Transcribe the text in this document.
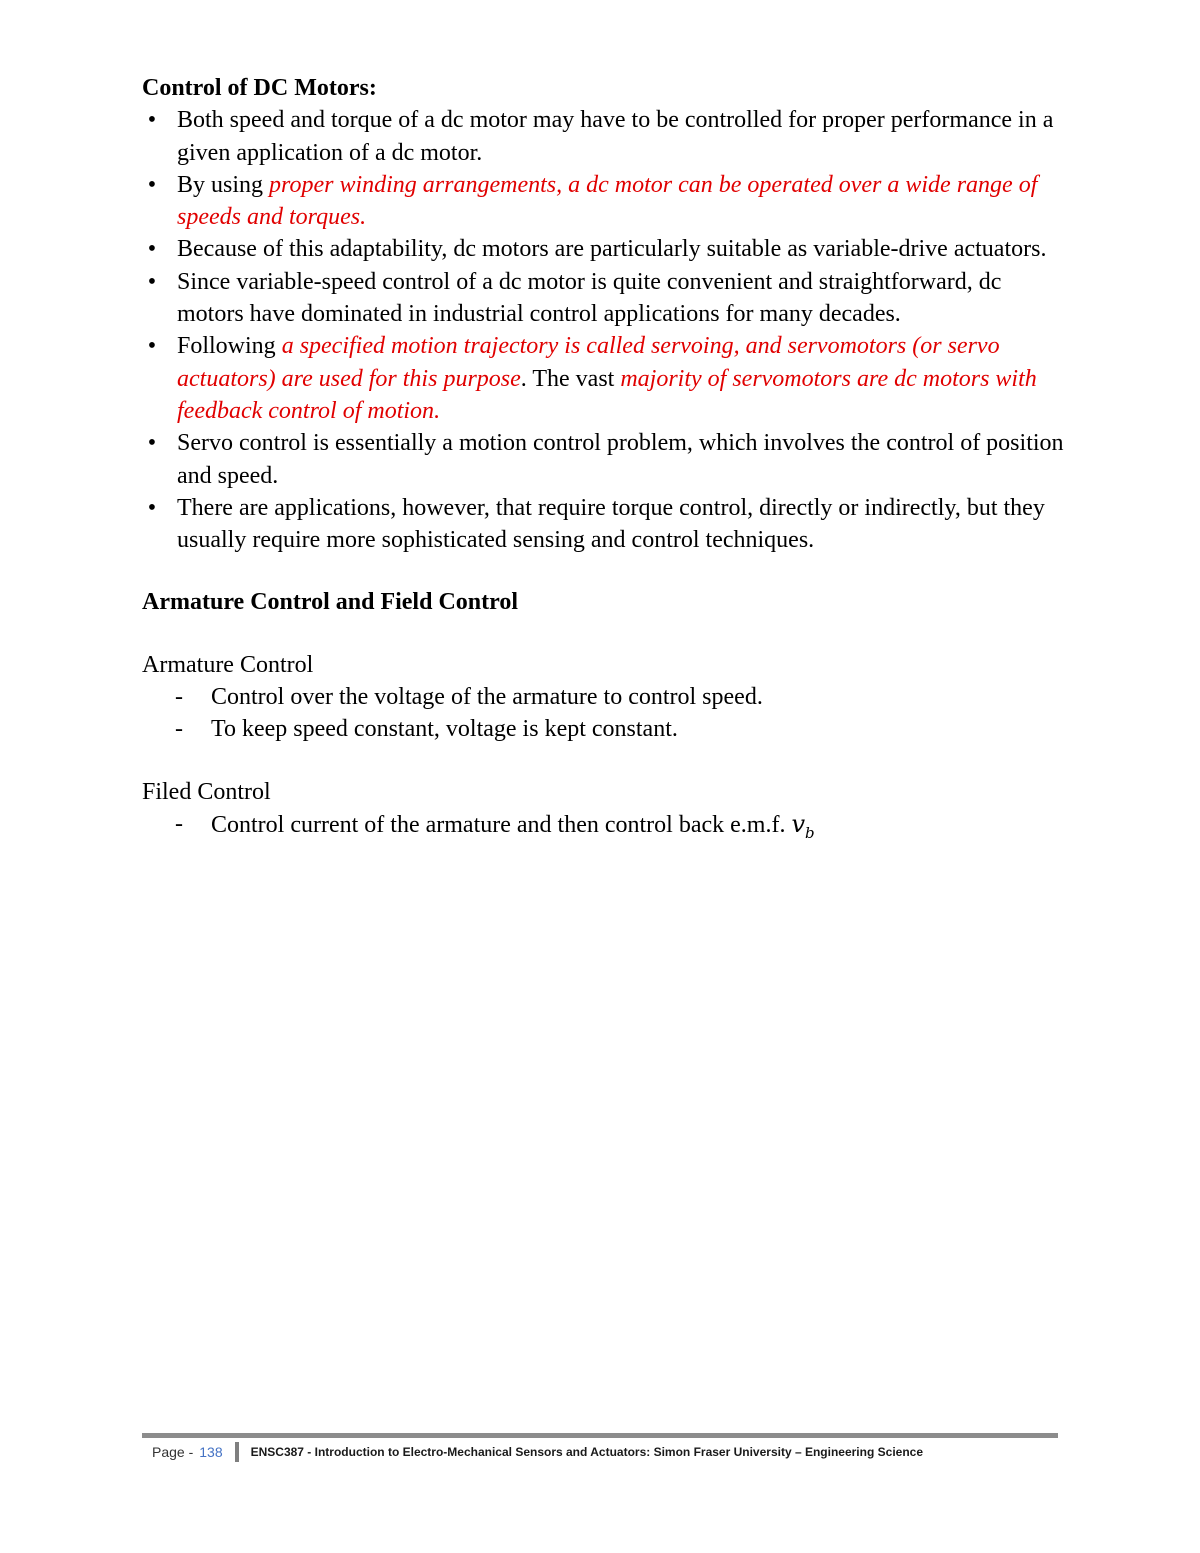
Control of DC Motors:

• Both speed and torque of a dc motor may have to be controlled for proper performance in a given application of a dc motor.
• By using proper winding arrangements, a dc motor can be operated over a wide range of speeds and torques.
• Because of this adaptability, dc motors are particularly suitable as variable-drive actuators.
• Since variable-speed control of a dc motor is quite convenient and straightforward, dc motors have dominated in industrial control applications for many decades.
• Following a specified motion trajectory is called servoing, and servomotors (or servo actuators) are used for this purpose. The vast majority of servomotors are dc motors with feedback control of motion.
• Servo control is essentially a motion control problem, which involves the control of position and speed.
• There are applications, however, that require torque control, directly or indirectly, but they usually require more sophisticated sensing and control techniques.

Armature Control and Field Control

Armature Control

- Control over the voltage of the armature to control speed.
- To keep speed constant, voltage is kept constant.

Filed Control

- Control current of the armature and then control back e.m.f. $v_b$
Page - 138 ENSC387 - Introduction to Electro-Mechanical Sensors and Actuators: Simon Fraser University – Engineering Science
